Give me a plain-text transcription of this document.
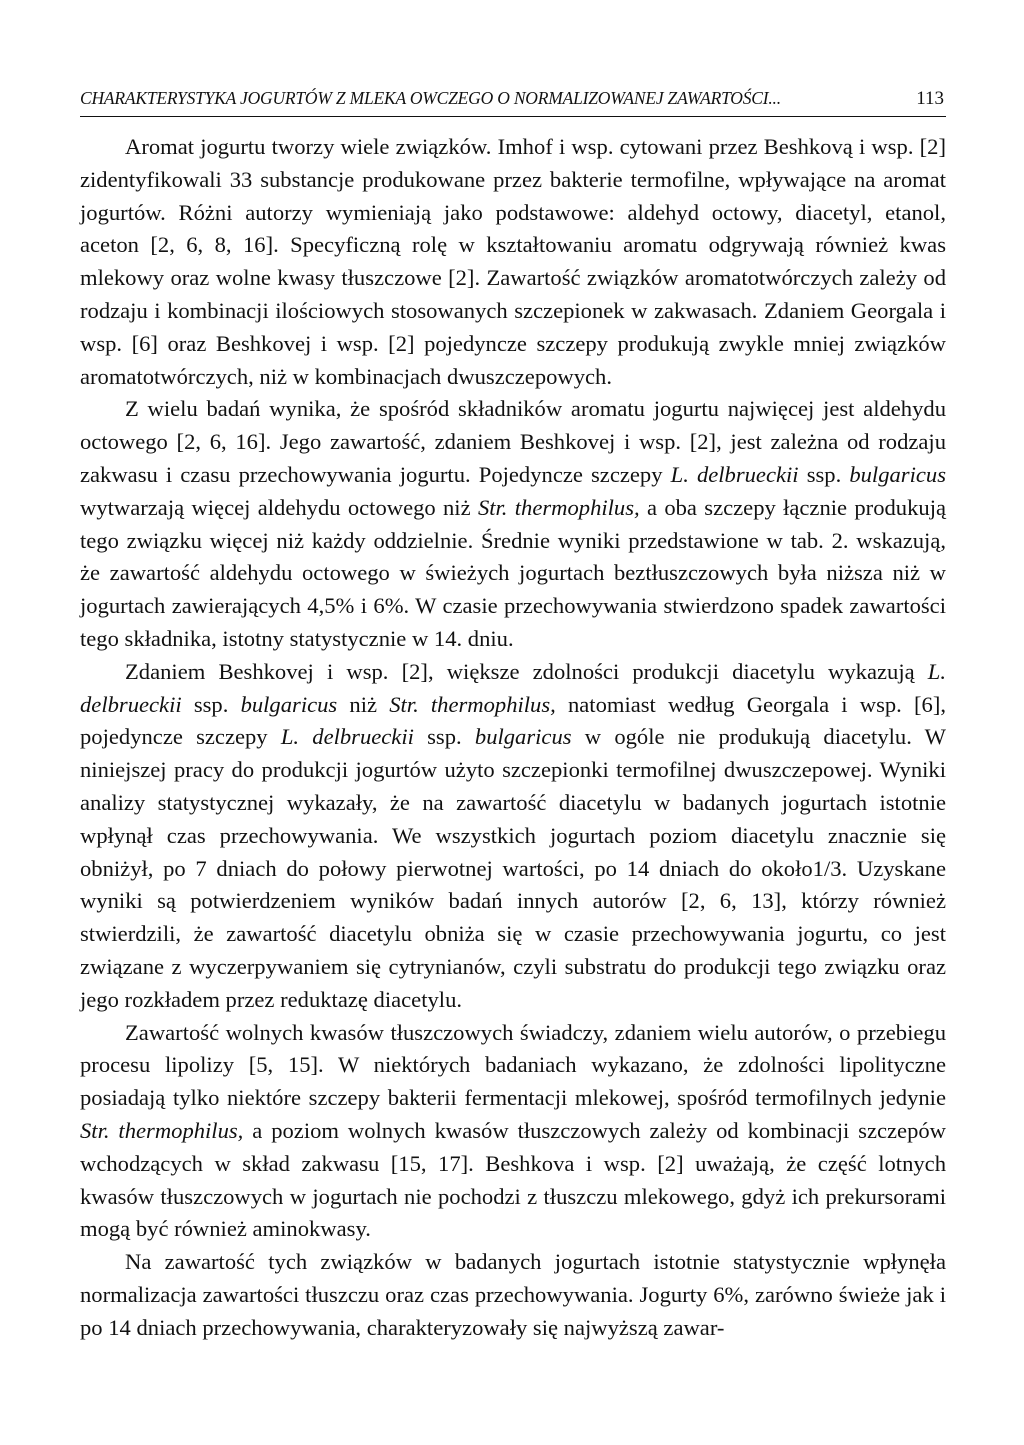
CHARAKTERYSTYKA JOGURTÓW Z MLEKA OWCZEGO O NORMALIZOWANEJ ZAWARTOŚCI...	113

Aromat jogurtu tworzy wiele związków. Imhof i wsp. cytowani przez Beshkovą i wsp. [2] zidentyfikowali 33 substancje produkowane przez bakterie termofilne, wpływające na aromat jogurtów. Różni autorzy wymieniają jako podstawowe: aldehyd octowy, diacetyl, etanol, aceton [2, 6, 8, 16]. Specyficzną rolę w kształtowaniu aromatu odgrywają również kwas mlekowy oraz wolne kwasy tłuszczowe [2]. Zawartość związków aromatotwórczych zależy od rodzaju i kombinacji ilościowych stosowanych szczepionek w zakwasach. Zdaniem Georgala i wsp. [6] oraz Beshkovej i wsp. [2] pojedyncze szczepy produkują zwykle mniej związków aromatotwórczych, niż w kombinacjach dwuszczepowych.

Z wielu badań wynika, że spośród składników aromatu jogurtu najwięcej jest aldehydu octowego [2, 6, 16]. Jego zawartość, zdaniem Beshkovej i wsp. [2], jest zależna od rodzaju zakwasu i czasu przechowywania jogurtu. Pojedyncze szczepy L. delbrueckii ssp. bulgaricus wytwarzają więcej aldehydu octowego niż Str. thermophilus, a oba szczepy łącznie produkują tego związku więcej niż każdy oddzielnie. Średnie wyniki przedstawione w tab. 2. wskazują, że zawartość aldehydu octowego w świeżych jogurtach beztłuszczowych była niższa niż w jogurtach zawierających 4,5% i 6%. W czasie przechowywania stwierdzono spadek zawartości tego składnika, istotny statystycznie w 14. dniu.

Zdaniem Beshkovej i wsp. [2], większe zdolności produkcji diacetylu wykazują L. delbrueckii ssp. bulgaricus niż Str. thermophilus, natomiast według Georgala i wsp. [6], pojedyncze szczepy L. delbrueckii ssp. bulgaricus w ogóle nie produkują diacetylu. W niniejszej pracy do produkcji jogurtów użyto szczepionki termofilnej dwuszczepowej. Wyniki analizy statystycznej wykazały, że na zawartość diacetylu w badanych jogurtach istotnie wpłynął czas przechowywania. We wszystkich jogurtach poziom diacetylu znacznie się obniżył, po 7 dniach do połowy pierwotnej wartości, po 14 dniach do około1/3. Uzyskane wyniki są potwierdzeniem wyników badań innych autorów [2, 6, 13], którzy również stwierdzili, że zawartość diacetylu obniża się w czasie przechowywania jogurtu, co jest związane z wyczerpywaniem się cytrynianów, czyli substratu do produkcji tego związku oraz jego rozkładem przez reduktazę diacetylu.

Zawartość wolnych kwasów tłuszczowych świadczy, zdaniem wielu autorów, o przebiegu procesu lipolizy [5, 15]. W niektórych badaniach wykazano, że zdolności lipolityczne posiadają tylko niektóre szczepy bakterii fermentacji mlekowej, spośród termofilnych jedynie Str. thermophilus, a poziom wolnych kwasów tłuszczowych zależy od kombinacji szczepów wchodzących w skład zakwasu [15, 17]. Beshkova i wsp. [2] uważają, że część lotnych kwasów tłuszczowych w jogurtach nie pochodzi z tłuszczu mlekowego, gdyż ich prekursorami mogą być również aminokwasy.

Na zawartość tych związków w badanych jogurtach istotnie statystycznie wpłynęła normalizacja zawartości tłuszczu oraz czas przechowywania. Jogurty 6%, zarówno świeże jak i po 14 dniach przechowywania, charakteryzowały się najwyższą zawar-
